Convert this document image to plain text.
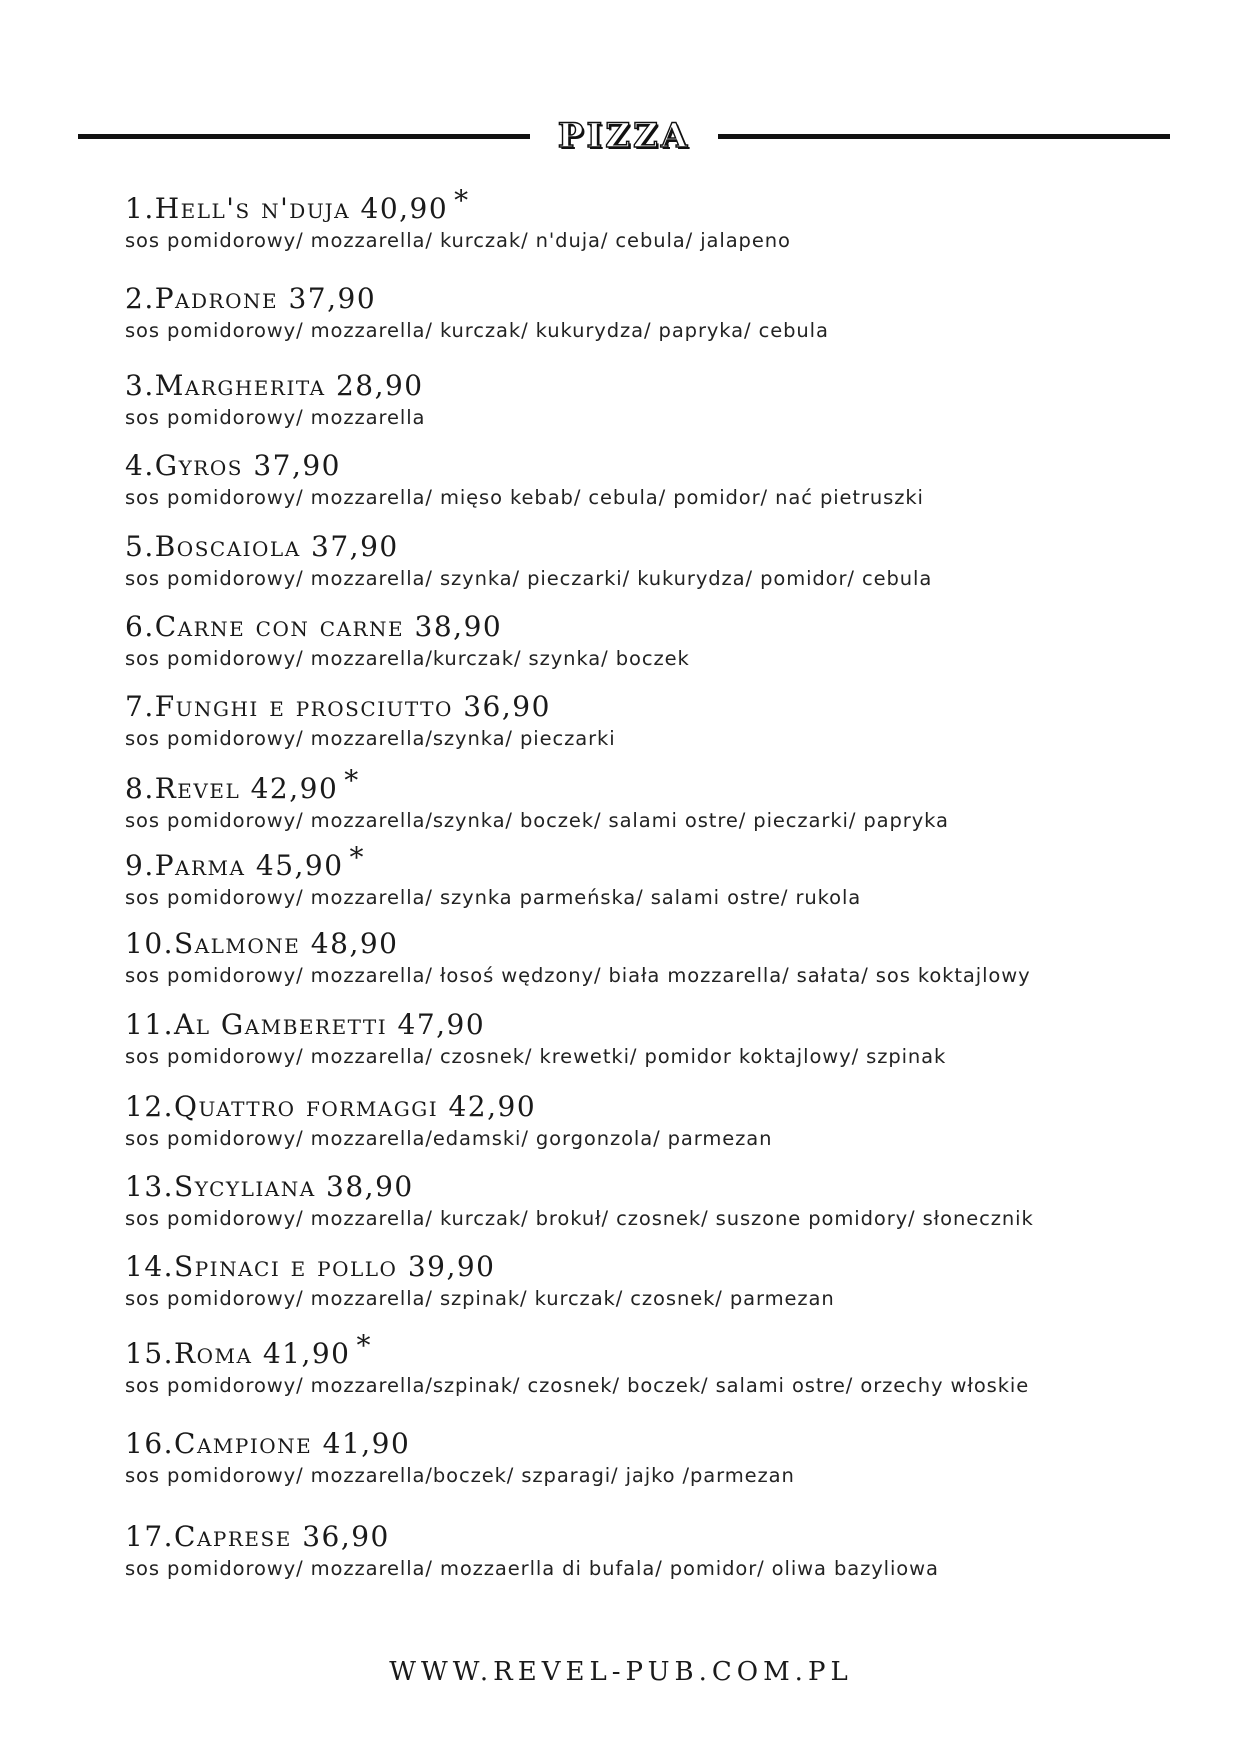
PIZZA
1.Hell's n'duja 40,90 *
sos pomidorowy/ mozzarella/ kurczak/ n'duja/ cebula/ jalapeno
2.Padrone 37,90
sos pomidorowy/ mozzarella/ kurczak/ kukurydza/ papryka/ cebula
3.Margherita 28,90
sos pomidorowy/ mozzarella
4.Gyros 37,90
sos pomidorowy/ mozzarella/ mięso kebab/ cebula/ pomidor/ nać pietruszki
5.Boscaiola 37,90
sos pomidorowy/ mozzarella/ szynka/ pieczarki/ kukurydza/ pomidor/ cebula
6.Carne con carne 38,90
sos pomidorowy/ mozzarella/kurczak/ szynka/ boczek
7.Funghi e prosciutto 36,90
sos pomidorowy/ mozzarella/szynka/ pieczarki
8.Revel 42,90 *
sos pomidorowy/ mozzarella/szynka/ boczek/ salami ostre/ pieczarki/ papryka
9.Parma 45,90 *
sos pomidorowy/ mozzarella/ szynka parmeńska/ salami ostre/ rukola
10.Salmone 48,90
sos pomidorowy/ mozzarella/ łosoś wędzony/ biała mozzarella/ sałata/ sos koktajlowy
11.Al Gamberetti 47,90
sos pomidorowy/ mozzarella/ czosnek/ krewetki/ pomidor koktajlowy/ szpinak
12.Quattro formaggi 42,90
sos pomidorowy/ mozzarella/edamski/ gorgonzola/ parmezan
13.Sycyliana 38,90
sos pomidorowy/ mozzarella/ kurczak/ brokuł/ czosnek/ suszone pomidory/ słonecznik
14.Spinaci e pollo 39,90
sos pomidorowy/ mozzarella/ szpinak/ kurczak/ czosnek/ parmezan
15.Roma 41,90 *
sos pomidorowy/ mozzarella/szpinak/ czosnek/ boczek/ salami ostre/ orzechy włoskie
16.Campione 41,90
sos pomidorowy/ mozzarella/boczek/ szparagi/ jajko /parmezan
17.Caprese 36,90
sos pomidorowy/ mozzarella/ mozzaerlla di bufala/ pomidor/ oliwa bazyliowa
WWW.REVEL-PUB.COM.PL
